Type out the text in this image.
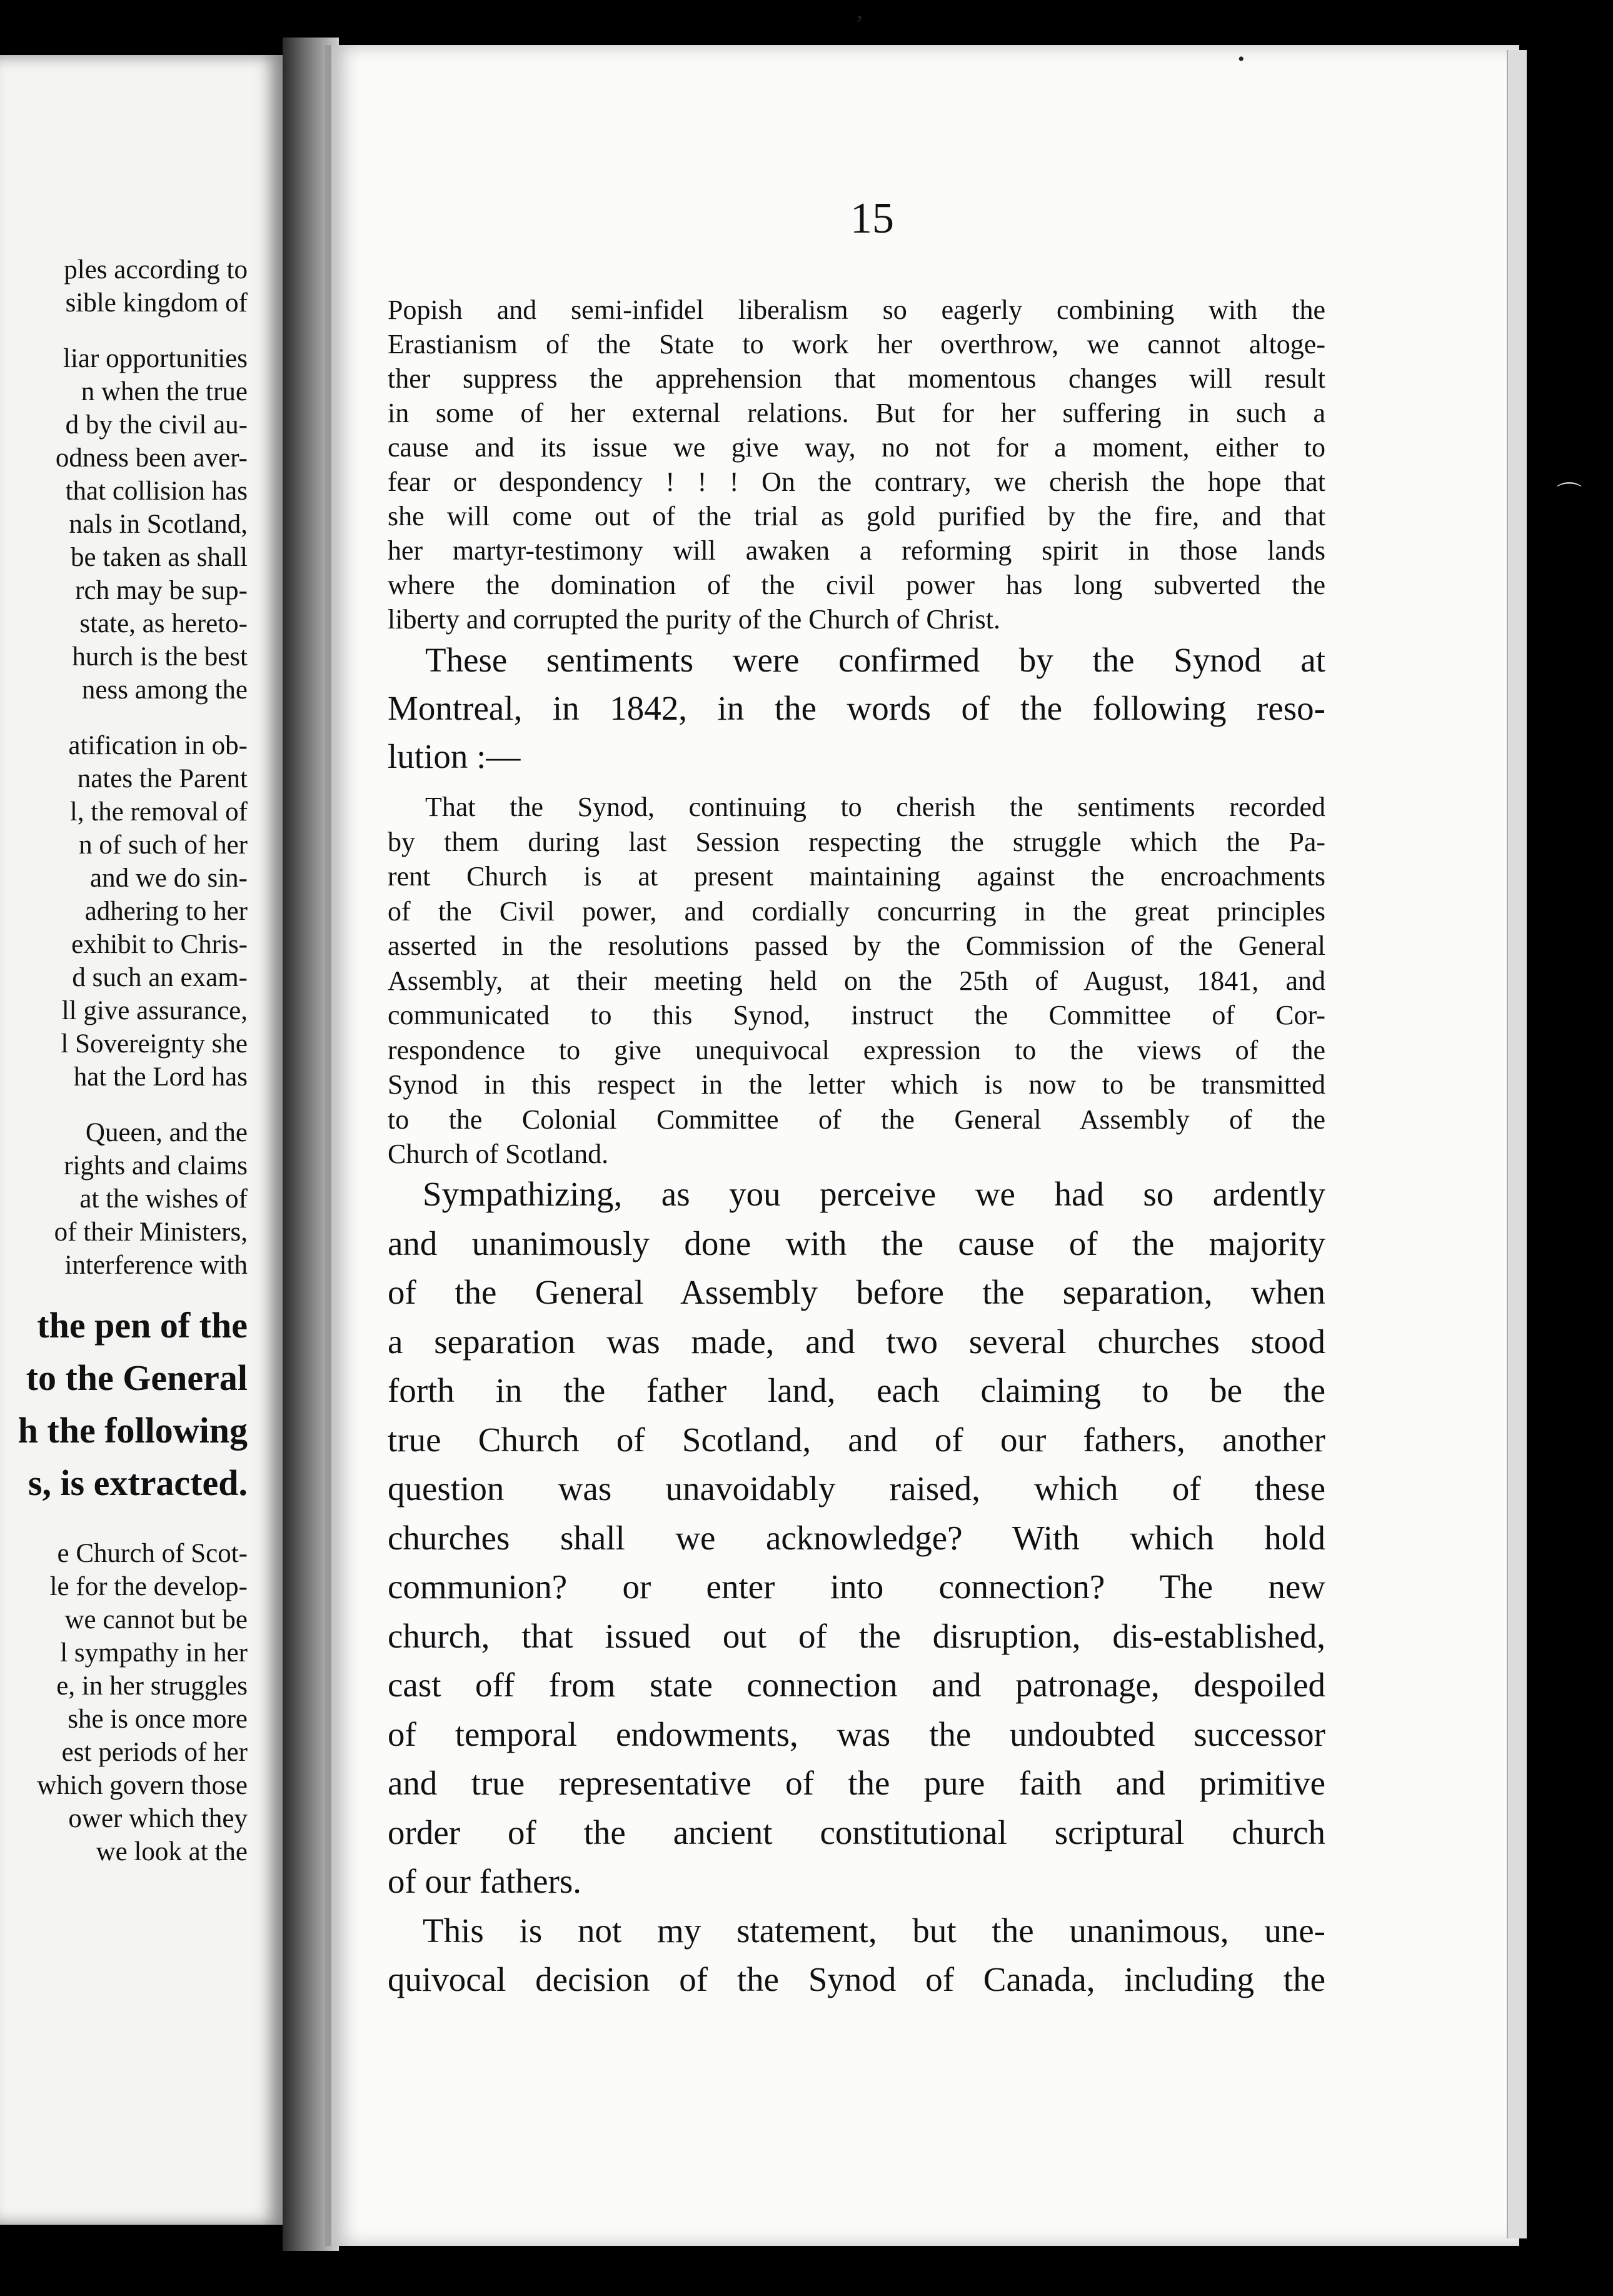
ples according to
sible kingdom of
liar opportunities
n when the true
d by the civil au-
odness been aver-
that collision has
nals in Scotland,
be taken as shall
rch may be sup-
state, as hereto-
hurch is the best
ness among the
atification in ob-
nates the Parent
l, the removal of
n of such of her
and we do sin-
adhering to her
exhibit to Chris-
d such an exam-
ll give assurance,
l Sovereignty she
hat the Lord has
Queen, and the
rights and claims
at the wishes of
of their Ministers,
interference with
the pen of the
to the General
h the following
s, is extracted.
e Church of Scot-
le for the develop-
we cannot but be
l sympathy in her
e, in her struggles
she is once more
est periods of her
which govern those
ower which they
we look at the
15
Popish and semi-infidel liberalism so eagerly combining with the
Erastianism of the State to work her overthrow, we cannot altoge-
ther suppress the apprehension that momentous changes will result
in some of her external relations. But for her suffering in such a
cause and its issue we give way, no not for a moment, either to
fear or despondency ! ! ! On the contrary, we cherish the hope that
she will come out of the trial as gold purified by the fire, and that
her martyr-testimony will awaken a reforming spirit in those lands
where the domination of the civil power has long subverted the
liberty and corrupted the purity of the Church of Christ.
These sentiments were confirmed by the Synod at
Montreal, in 1842, in the words of the following reso-
lution :—
That the Synod, continuing to cherish the sentiments recorded
by them during last Session respecting the struggle which the Pa-
rent Church is at present maintaining against the encroachments
of the Civil power, and cordially concurring in the great principles
asserted in the resolutions passed by the Commission of the General
Assembly, at their meeting held on the 25th of August, 1841, and
communicated to this Synod, instruct the Committee of Cor-
respondence to give unequivocal expression to the views of the
Synod in this respect in the letter which is now to be transmitted
to the Colonial Committee of the General Assembly of the
Church of Scotland.
Sympathizing, as you perceive we had so ardently
and unanimously done with the cause of the majority
of the General Assembly before the separation, when
a separation was made, and two several churches stood
forth in the father land, each claiming to be the
true Church of Scotland, and of our fathers, another
question was unavoidably raised, which of these
churches shall we acknowledge? With which hold
communion? or enter into connection? The new
church, that issued out of the disruption, dis-established,
cast off from state connection and patronage, despoiled
of temporal endowments, was the undoubted successor
and true representative of the pure faith and primitive
order of the ancient constitutional scriptural church
of our fathers.
This is not my statement, but the unanimous, une-
quivocal decision of the Synod of Canada, including the
,
•
⌒
